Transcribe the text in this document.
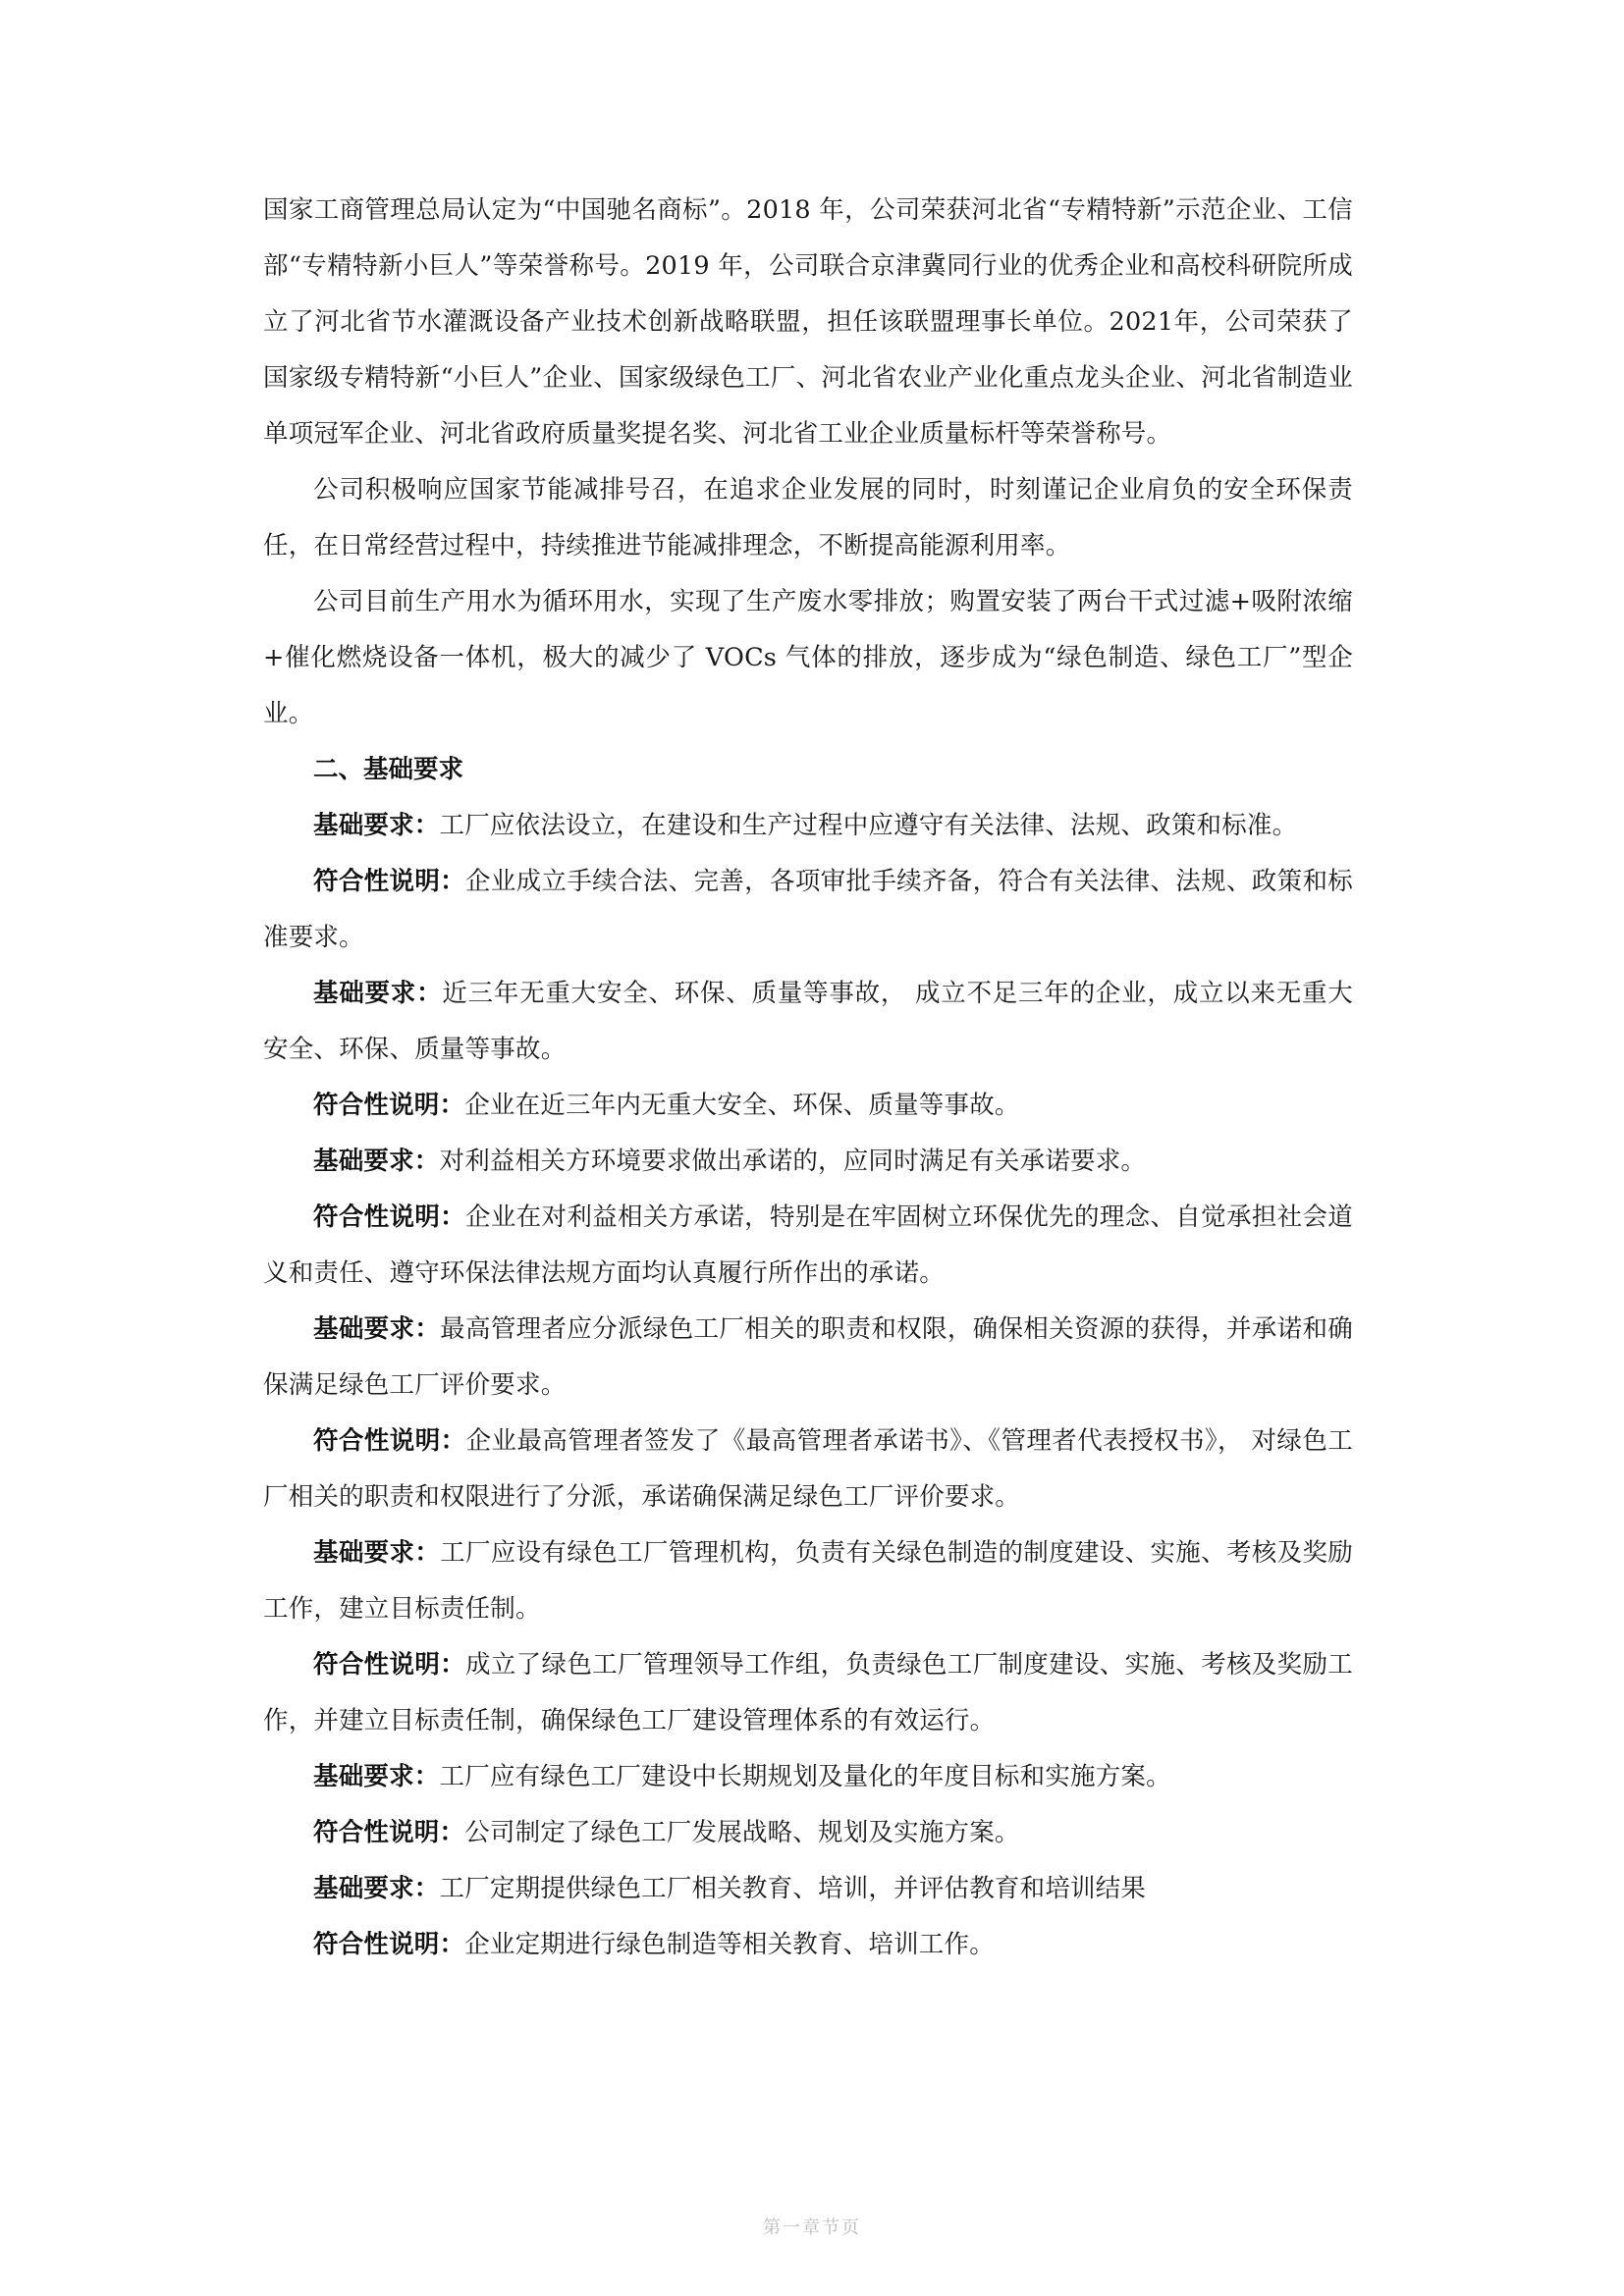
国家工商管理总局认定为“中国驰名商标”。2018 年，公司荣获河北省“专精特新”示范企业、工信部“专精特新小巨人”等荣誉称号。2019 年，公司联合京津冀同行业的优秀企业和高校科研院所成立了河北省节水灌溉设备产业技术创新战略联盟，担任该联盟理事长单位。2021年，公司荣获了国家级专精特新“小巨人”企业、国家级绿色工厂、河北省农业产业化重点龙头企业、河北省制造业单项冠军企业、河北省政府质量奖提名奖、河北省工业企业质量标杆等荣誉称号。

公司积极响应国家节能减排号召，在追求企业发展的同时，时刻谨记企业肩负的安全环保责任，在日常经营过程中，持续推进节能减排理念，不断提高能源利用率。

公司目前生产用水为循环用水，实现了生产废水零排放；购置安装了两台干式过滤+吸附浓缩+催化燃烧设备一体机，极大的减少了 VOCs 气体的排放，逐步成为“绿色制造、绿色工厂”型企业。

二、基础要求

基础要求：工厂应依法设立，在建设和生产过程中应遵守有关法律、法规、政策和标准。

符合性说明：企业成立手续合法、完善，各项审批手续齐备，符合有关法律、法规、政策和标准要求。

基础要求：近三年无重大安全、环保、质量等事故， 成立不足三年的企业，成立以来无重大安全、环保、质量等事故。

符合性说明：企业在近三年内无重大安全、环保、质量等事故。

基础要求：对利益相关方环境要求做出承诺的，应同时满足有关承诺要求。

符合性说明：企业在对利益相关方承诺，特别是在牢固树立环保优先的理念、自觉承担社会道义和责任、遵守环保法律法规方面均认真履行所作出的承诺。

基础要求：最高管理者应分派绿色工厂相关的职责和权限，确保相关资源的获得，并承诺和确保满足绿色工厂评价要求。

符合性说明：企业最高管理者签发了《最高管理者承诺书》、《管理者代表授权书》， 对绿色工厂相关的职责和权限进行了分派，承诺确保满足绿色工厂评价要求。

基础要求：工厂应设有绿色工厂管理机构，负责有关绿色制造的制度建设、实施、考核及奖励工作，建立目标责任制。

符合性说明：成立了绿色工厂管理领导工作组，负责绿色工厂制度建设、实施、考核及奖励工作，并建立目标责任制，确保绿色工厂建设管理体系的有效运行。

基础要求：工厂应有绿色工厂建设中长期规划及量化的年度目标和实施方案。

符合性说明：公司制定了绿色工厂发展战略、规划及实施方案。

基础要求：工厂定期提供绿色工厂相关教育、培训，并评估教育和培训结果

符合性说明：企业定期进行绿色制造等相关教育、培训工作。

第一章节页
